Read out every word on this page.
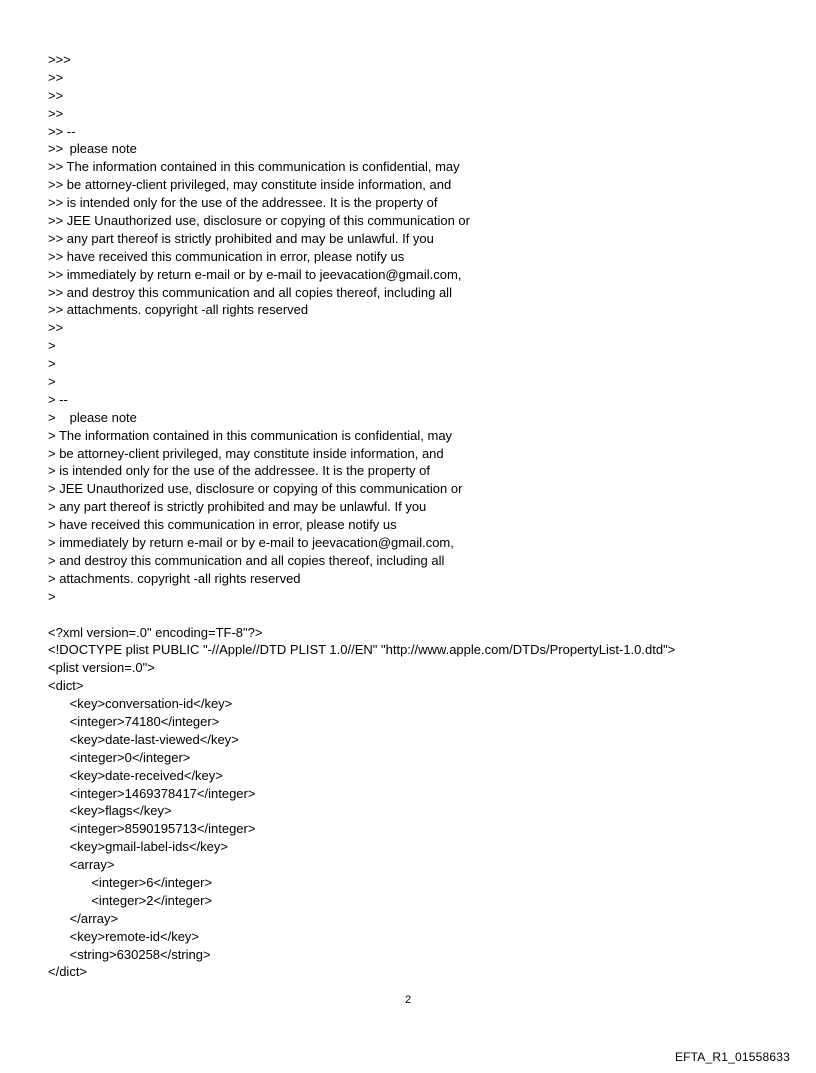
>>>

>>

>>

>>

>> --

>>	please note

>> The information contained in this communication is confidential, may

>> be attorney-client privileged, may constitute inside information, and

>> is intended only for the use of the addressee. It is the property of

>> JEE Unauthorized use, disclosure or copying of this communication or

>> any part thereof is strictly prohibited and may be unlawful. If you

>> have received this communication in error, please notify us

>> immediately by return e-mail or by e-mail to jeevacation@gmail.com,

>> and destroy this communication and all copies thereof, including all

>> attachments. copyright -all rights reserved

>>

>

>

>

> --

>	please note

> The information contained in this communication is confidential, may

> be attorney-client privileged, may constitute inside information, and

> is intended only for the use of the addressee. It is the property of

> JEE Unauthorized use, disclosure or copying of this communication or

> any part thereof is strictly prohibited and may be unlawful. If you

> have received this communication in error, please notify us

> immediately by return e-mail or by e-mail to jeevacation@gmail.com,

> and destroy this communication and all copies thereof, including all

> attachments. copyright -all rights reserved

>

<?xml version=.0" encoding=TF-8"?>

<!DOCTYPE plist PUBLIC "-//Apple//DTD PLIST 1.0//EN" "http://www.apple.com/DTDs/PropertyList-1.0.dtd">

<plist version=.0">

<dict>

	<key>conversation-id</key>

	<integer>74180</integer>

	<key>date-last-viewed</key>

	<integer>0</integer>

	<key>date-received</key>

	<integer>1469378417</integer>

	<key>flags</key>

	<integer>8590195713</integer>

	<key>gmail-label-ids</key>

	<array>

		<integer>6</integer>

		<integer>2</integer>

	</array>

	<key>remote-id</key>

	<string>630258</string>

</dict>

2

EFTA_R1_01558633
